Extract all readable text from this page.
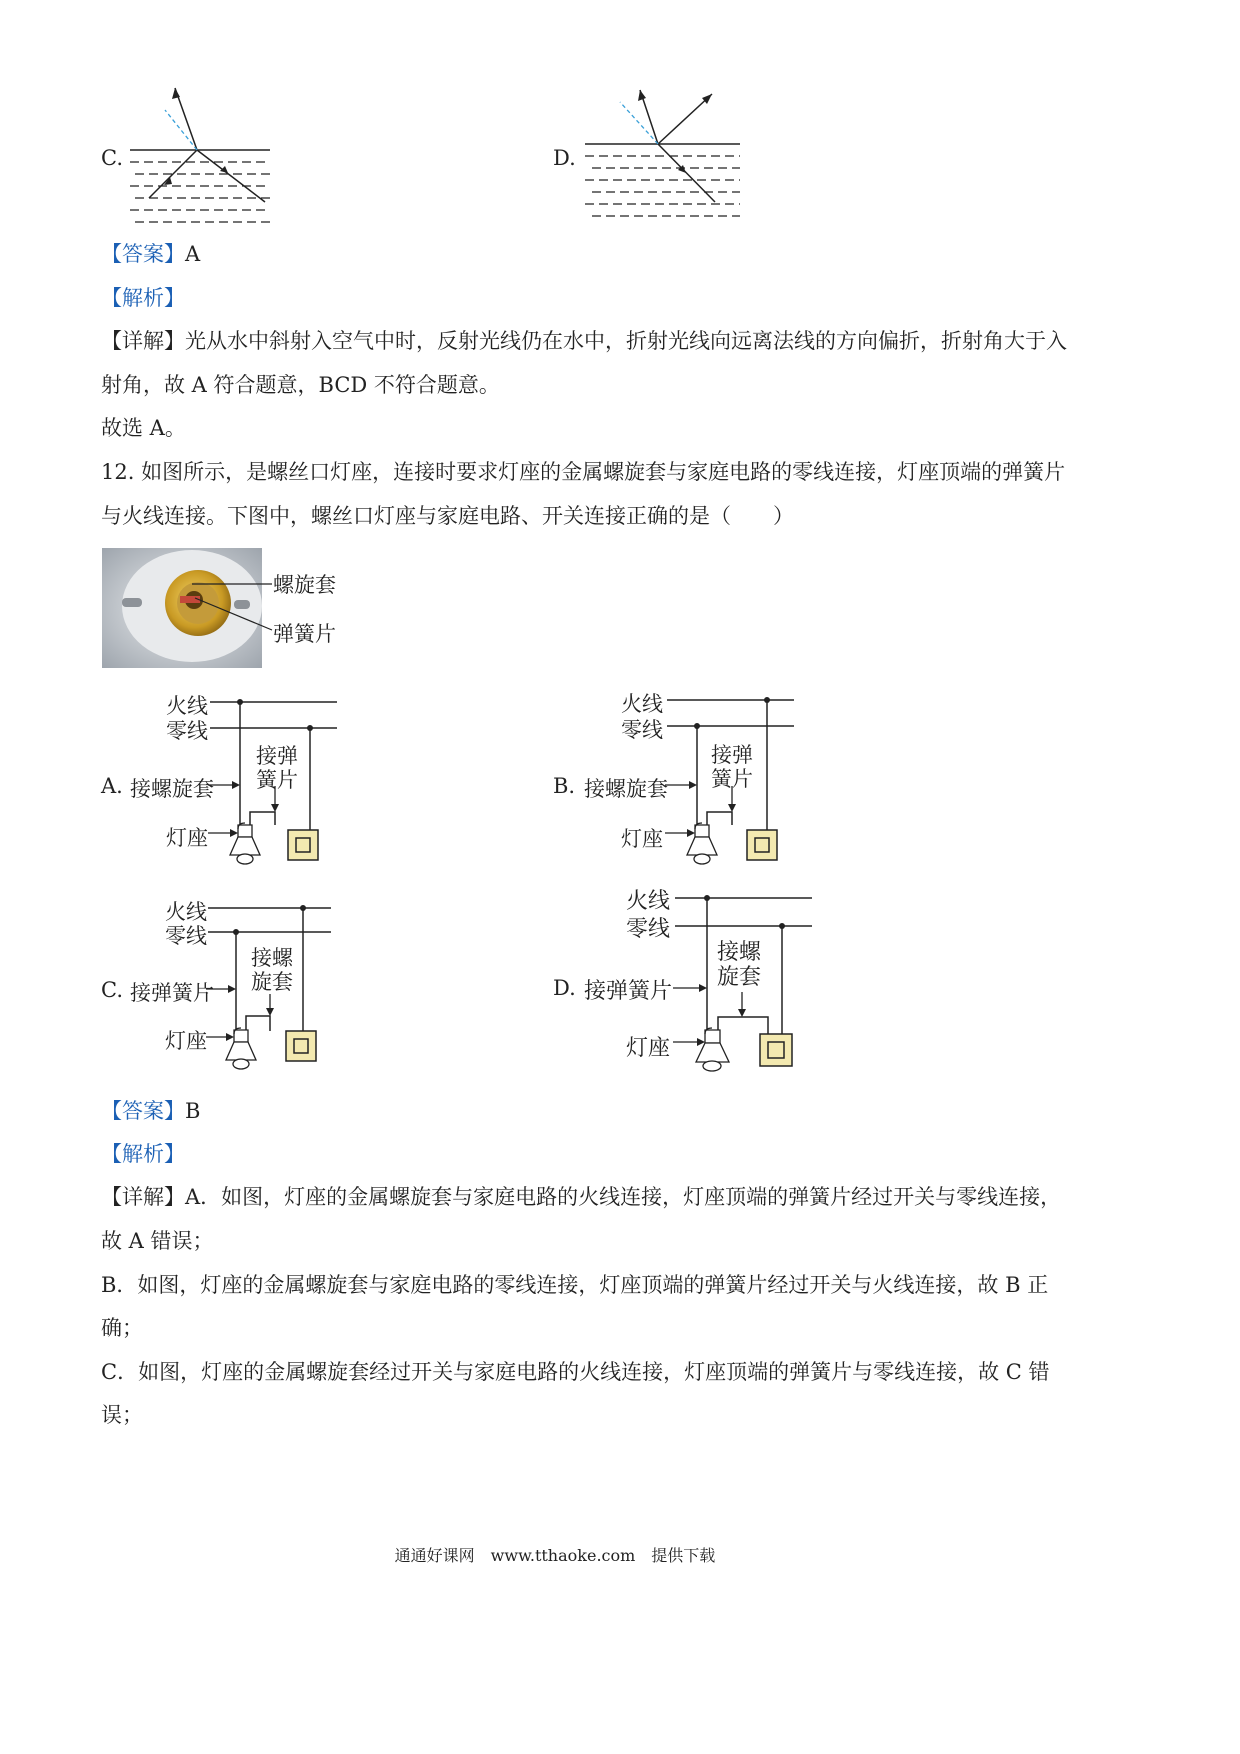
C.	D.
【答案】A
【解析】
【详解】光从水中斜射入空气中时，反射光线仍在水中，折射光线向远离法线的方向偏折，折射角大于入
射角，故 A 符合题意，BCD 不符合题意。
故选 A。
12. 如图所示，是螺丝口灯座，连接时要求灯座的金属螺旋套与家庭电路的零线连接，灯座顶端的弹簧片
与火线连接。下图中，螺丝口灯座与家庭电路、开关连接正确的是（　　）
螺旋套
弹簧片
A.
火线
零线
接弹
簧片
接螺旋套
灯座
B.
火线
零线
接弹
簧片
接螺旋套
灯座
C.
火线
零线
接螺
旋套
接弹簧片
灯座
D.
火线
零线
接螺
旋套
接弹簧片
灯座
【答案】B
【解析】
【详解】A．如图，灯座的金属螺旋套与家庭电路的火线连接，灯座顶端的弹簧片经过开关与零线连接，
故 A 错误；
B．如图，灯座的金属螺旋套与家庭电路的零线连接，灯座顶端的弹簧片经过开关与火线连接，故 B 正
确；
C．如图，灯座的金属螺旋套经过开关与家庭电路的火线连接，灯座顶端的弹簧片与零线连接，故 C 错
误；
通通好课网　www.tthaoke.com　提供下载
